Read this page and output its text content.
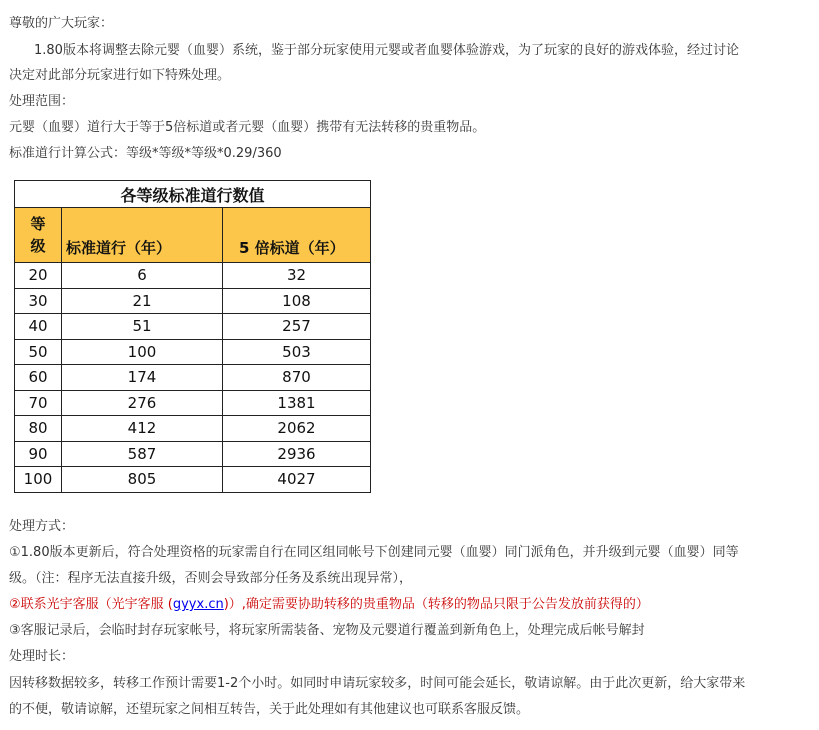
尊敬的广大玩家：
1.80版本将调整去除元婴（血婴）系统，鉴于部分玩家使用元婴或者血婴体验游戏，为了玩家的良好的游戏体验，经过讨论
决定对此部分玩家进行如下特殊处理。
处理范围：
元婴（血婴）道行大于等于5倍标道或者元婴（血婴）携带有无法转移的贵重物品。
标准道行计算公式：等级*等级*等级*0.29/360
各等级标准道行数值		
等
级	标准道行（年）	5 倍标道（年）
20	6	32
30	21	108
40	51	257
50	100	503
60	174	870
70	276	1381
80	412	2062
90	587	2936
100	805	4027
处理方式：
①1.80版本更新后，符合处理资格的玩家需自行在同区组同帐号下创建同元婴（血婴）同门派角色，并升级到元婴（血婴）同等
级。（注：程序无法直接升级，否则会导致部分任务及系统出现异常），
②联系光宇客服（光宇客服 (gyyx.cn)）,确定需要协助转移的贵重物品（转移的物品只限于公告发放前获得的）
③客服记录后，会临时封存玩家帐号，将玩家所需装备、宠物及元婴道行覆盖到新角色上，处理完成后帐号解封
处理时长：
因转移数据较多，转移工作预计需要1-2个小时。如同时申请玩家较多，时间可能会延长，敬请谅解。由于此次更新，给大家带来
的不便，敬请谅解，还望玩家之间相互转告，关于此处理如有其他建议也可联系客服反馈。
